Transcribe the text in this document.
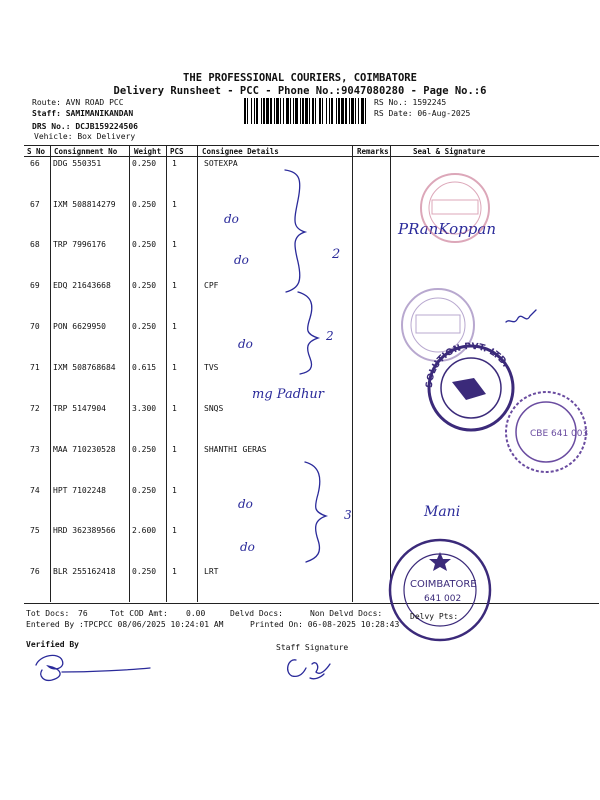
THE PROFESSIONAL COURIERS, COIMBATORE
Delivery Runsheet - PCC - Phone No.:9047080280 - Page No.:6
Route: AVN ROAD PCC
Staff: SAMIMANIKANDAN
DRS No.: DCJB159224506
Vehicle: Box Delivery
RS No.: 1592245
RS Date: 06-Aug-2025
S No Consignment No Weight PCS Consignee Details	Remarks	Seal & Signature
66 DDG 550351	0.250 1	SOTEXPA
67 IXM 508814279 0.250 1
68 TRP 7996176	0.250 1
69 EDQ 21643668	0.250 1	CPF
70 PON 6629950	0.250 1
71 IXM 508768684 0.615 1	TVS
72 TRP 5147904	3.300 1	SNQS
73 MAA 710230528 0.250 1	SHANTHI GERAS
74 HPT 7102248	0.250 1
75 HRD 362389566 2.600 1
76 BLR 255162418 0.250 1	LRT
do
do	2
do
2
mg Padhur
do
do
3
PRanKoppan
Mani
SOLUTION PVT. LTD.
CBE 641 003
COIMBATORE
641 002
Tot Docs: 76	Tot COD Amt: 0.00	Delvd Docs:	Non Delvd Docs:	Delvy Pts:
Entered By :TPCPCC 08/06/2025 10:24:01 AM	Printed On: 06-08-2025 10:28:43
Verified By	Staff Signature
